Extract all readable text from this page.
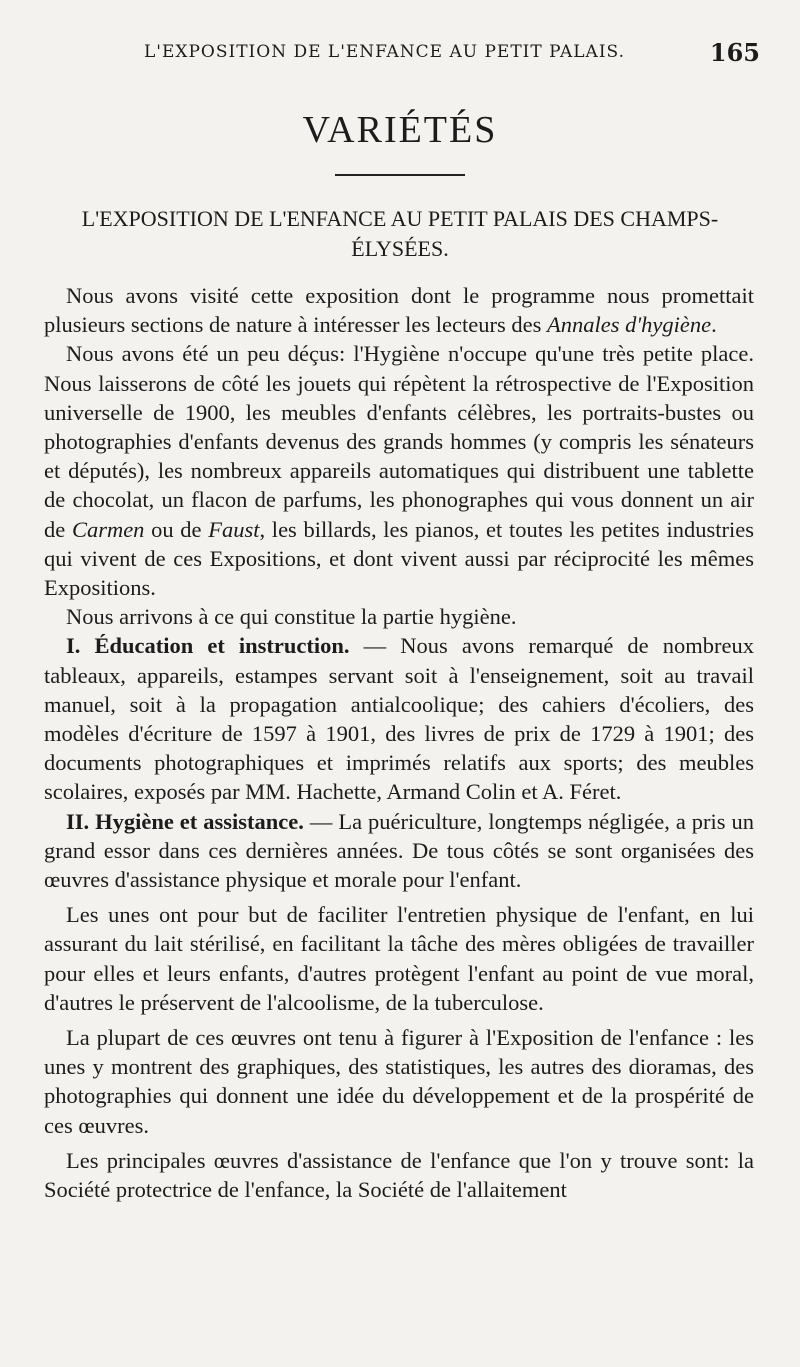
L'EXPOSITION DE L'ENFANCE AU PETIT PALAIS.	165
VARIÉTÉS
L'EXPOSITION DE L'ENFANCE AU PETIT PALAIS DES CHAMPS-ÉLYSÉES.

Nous avons visité cette exposition dont le programme nous promettait plusieurs sections de nature à intéresser les lecteurs des Annales d'hygiène.

Nous avons été un peu déçus: l'Hygiène n'occupe qu'une très petite place. Nous laisserons de côté les jouets qui répètent la rétrospective de l'Exposition universelle de 1900, les meubles d'enfants célèbres, les portraits-bustes ou photographies d'enfants devenus des grands hommes (y compris les sénateurs et députés), les nombreux appareils automatiques qui distribuent une tablette de chocolat, un flacon de parfums, les phonographes qui vous donnent un air de Carmen ou de Faust, les billards, les pianos, et toutes les petites industries qui vivent de ces Expositions, et dont vivent aussi par réciprocité les mêmes Expositions.

Nous arrivons à ce qui constitue la partie hygiène.

I. Éducation et instruction. — Nous avons remarqué de nombreux tableaux, appareils, estampes servant soit à l'enseignement, soit au travail manuel, soit à la propagation antialcoolique; des cahiers d'écoliers, des modèles d'écriture de 1597 à 1901, des livres de prix de 1729 à 1901; des documents photographiques et imprimés relatifs aux sports; des meubles scolaires, exposés par MM. Hachette, Armand Colin et A. Féret.

II. Hygiène et assistance. — La puériculture, longtemps négligée, a pris un grand essor dans ces dernières années. De tous côtés se sont organisées des œuvres d'assistance physique et morale pour l'enfant.

Les unes ont pour but de faciliter l'entretien physique de l'enfant, en lui assurant du lait stérilisé, en facilitant la tâche des mères obligées de travailler pour elles et leurs enfants, d'autres protègent l'enfant au point de vue moral, d'autres le préservent de l'alcoolisme, de la tuberculose.

La plupart de ces œuvres ont tenu à figurer à l'Exposition de l'enfance : les unes y montrent des graphiques, des statistiques, les autres des dioramas, des photographies qui donnent une idée du développement et de la prospérité de ces œuvres.

Les principales œuvres d'assistance de l'enfance que l'on y trouve sont: la Société protectrice de l'enfance, la Société de l'allaitement
